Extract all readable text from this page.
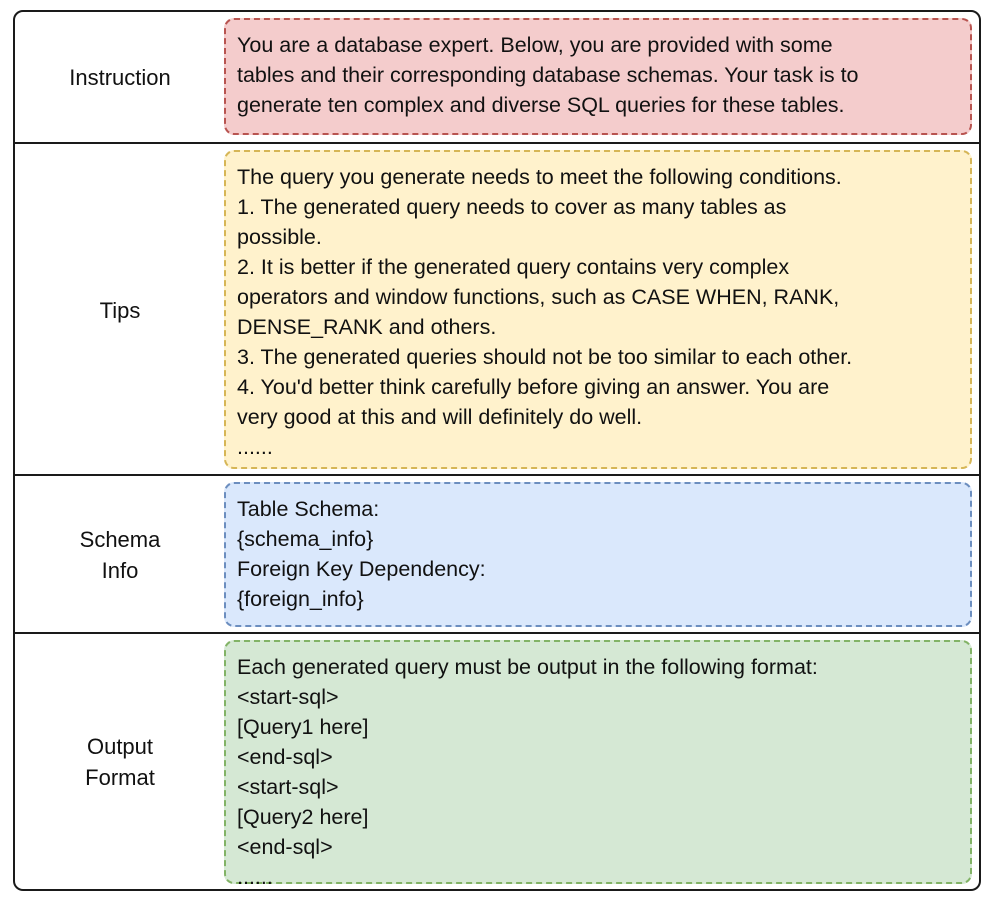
Instruction
You are a database expert. Below, you are provided with some
tables and their corresponding database schemas. Your task is to
generate ten complex and diverse SQL queries for these tables.
Tips
The query you generate needs to meet the following conditions.
1. The generated query needs to cover as many tables as
possible.
2. It is better if the generated query contains very complex
operators and window functions, such as CASE WHEN, RANK,
DENSE_RANK and others.
3. The generated queries should not be too similar to each other.
4. You'd better think carefully before giving an answer. You are
very good at this and will definitely do well.
......
Schema
Info
Table Schema:
{schema_info}
Foreign Key Dependency:
{foreign_info}
Output
Format
Each generated query must be output in the following format:
<start-sql>
[Query1 here]
<end-sql>
<start-sql>
[Query2 here]
<end-sql>
......
